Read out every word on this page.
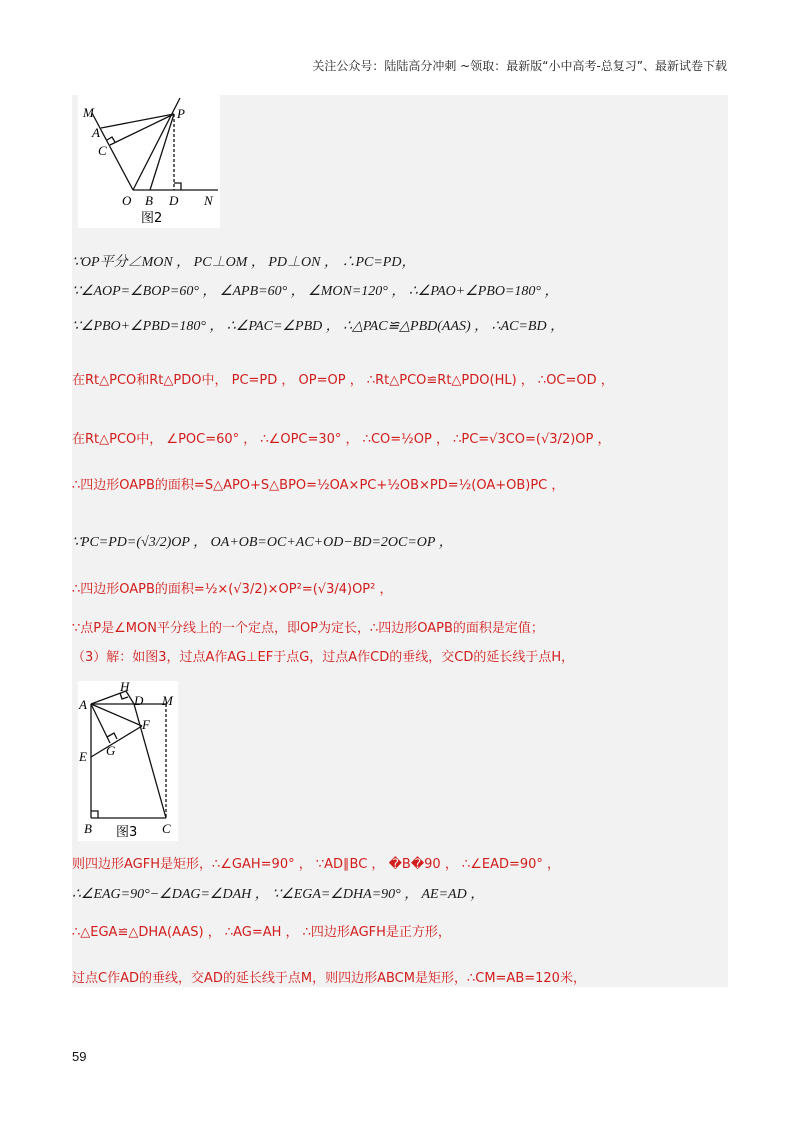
关注公众号：陆陆高分冲刺 ~领取：最新版“小中高考-总复习”、最新试卷下载
M
A
C
P
O B D N
图2
∵OP平分∠MON ， PC⊥OM ， PD⊥ON ， ∴PC=PD，
∵∠AOP=∠BOP=60° ， ∠APB=60° ， ∠MON=120° ， ∴∠PAO+∠PBO=180° ，
∵∠PBO+∠PBD=180° ， ∴∠PAC=∠PBD ， ∴△PAC≌△PBD(AAS) ， ∴AC=BD ，
在Rt△PCO和Rt△PDO中， PC=PD ， OP=OP ， ∴Rt△PCO≌Rt△PDO(HL) ， ∴OC=OD ，
在Rt△PCO中， ∠POC=60° ， ∴∠OPC=30° ， ∴CO=½OP ， ∴PC=√3CO=(√3/2)OP ，
∴四边形OAPB的面积=S△APO+S△BPO=½OA×PC+½OB×PD=½(OA+OB)PC ，
∵PC=PD=(√3/2)OP ， OA+OB=OC+AC+OD−BD=2OC=OP ，
∴四边形OAPB的面积=½×(√3/2)×OP²=(√3/4)OP² ，
∵点P是∠MON平分线上的一个定点，即OP为定长，∴四边形OAPB的面积是定值；
（3）解：如图3，过点A作AG⊥EF于点G，过点A作CD的垂线，交CD的延长线于点H，
H
A	D M
F
G
E
B	C
图3
则四边形AGFH是矩形，∴∠GAH=90° ， ∵AD∥BC ， �B�90 ， ∴∠EAD=90° ，
∴∠EAG=90°−∠DAG=∠DAH ， ∵∠EGA=∠DHA=90° ， AE=AD ，
∴△EGA≌△DHA(AAS) ， ∴AG=AH ， ∴四边形AGFH是正方形，
过点C作AD的垂线，交AD的延长线于点M，则四边形ABCM是矩形，∴CM=AB=120米，
59
